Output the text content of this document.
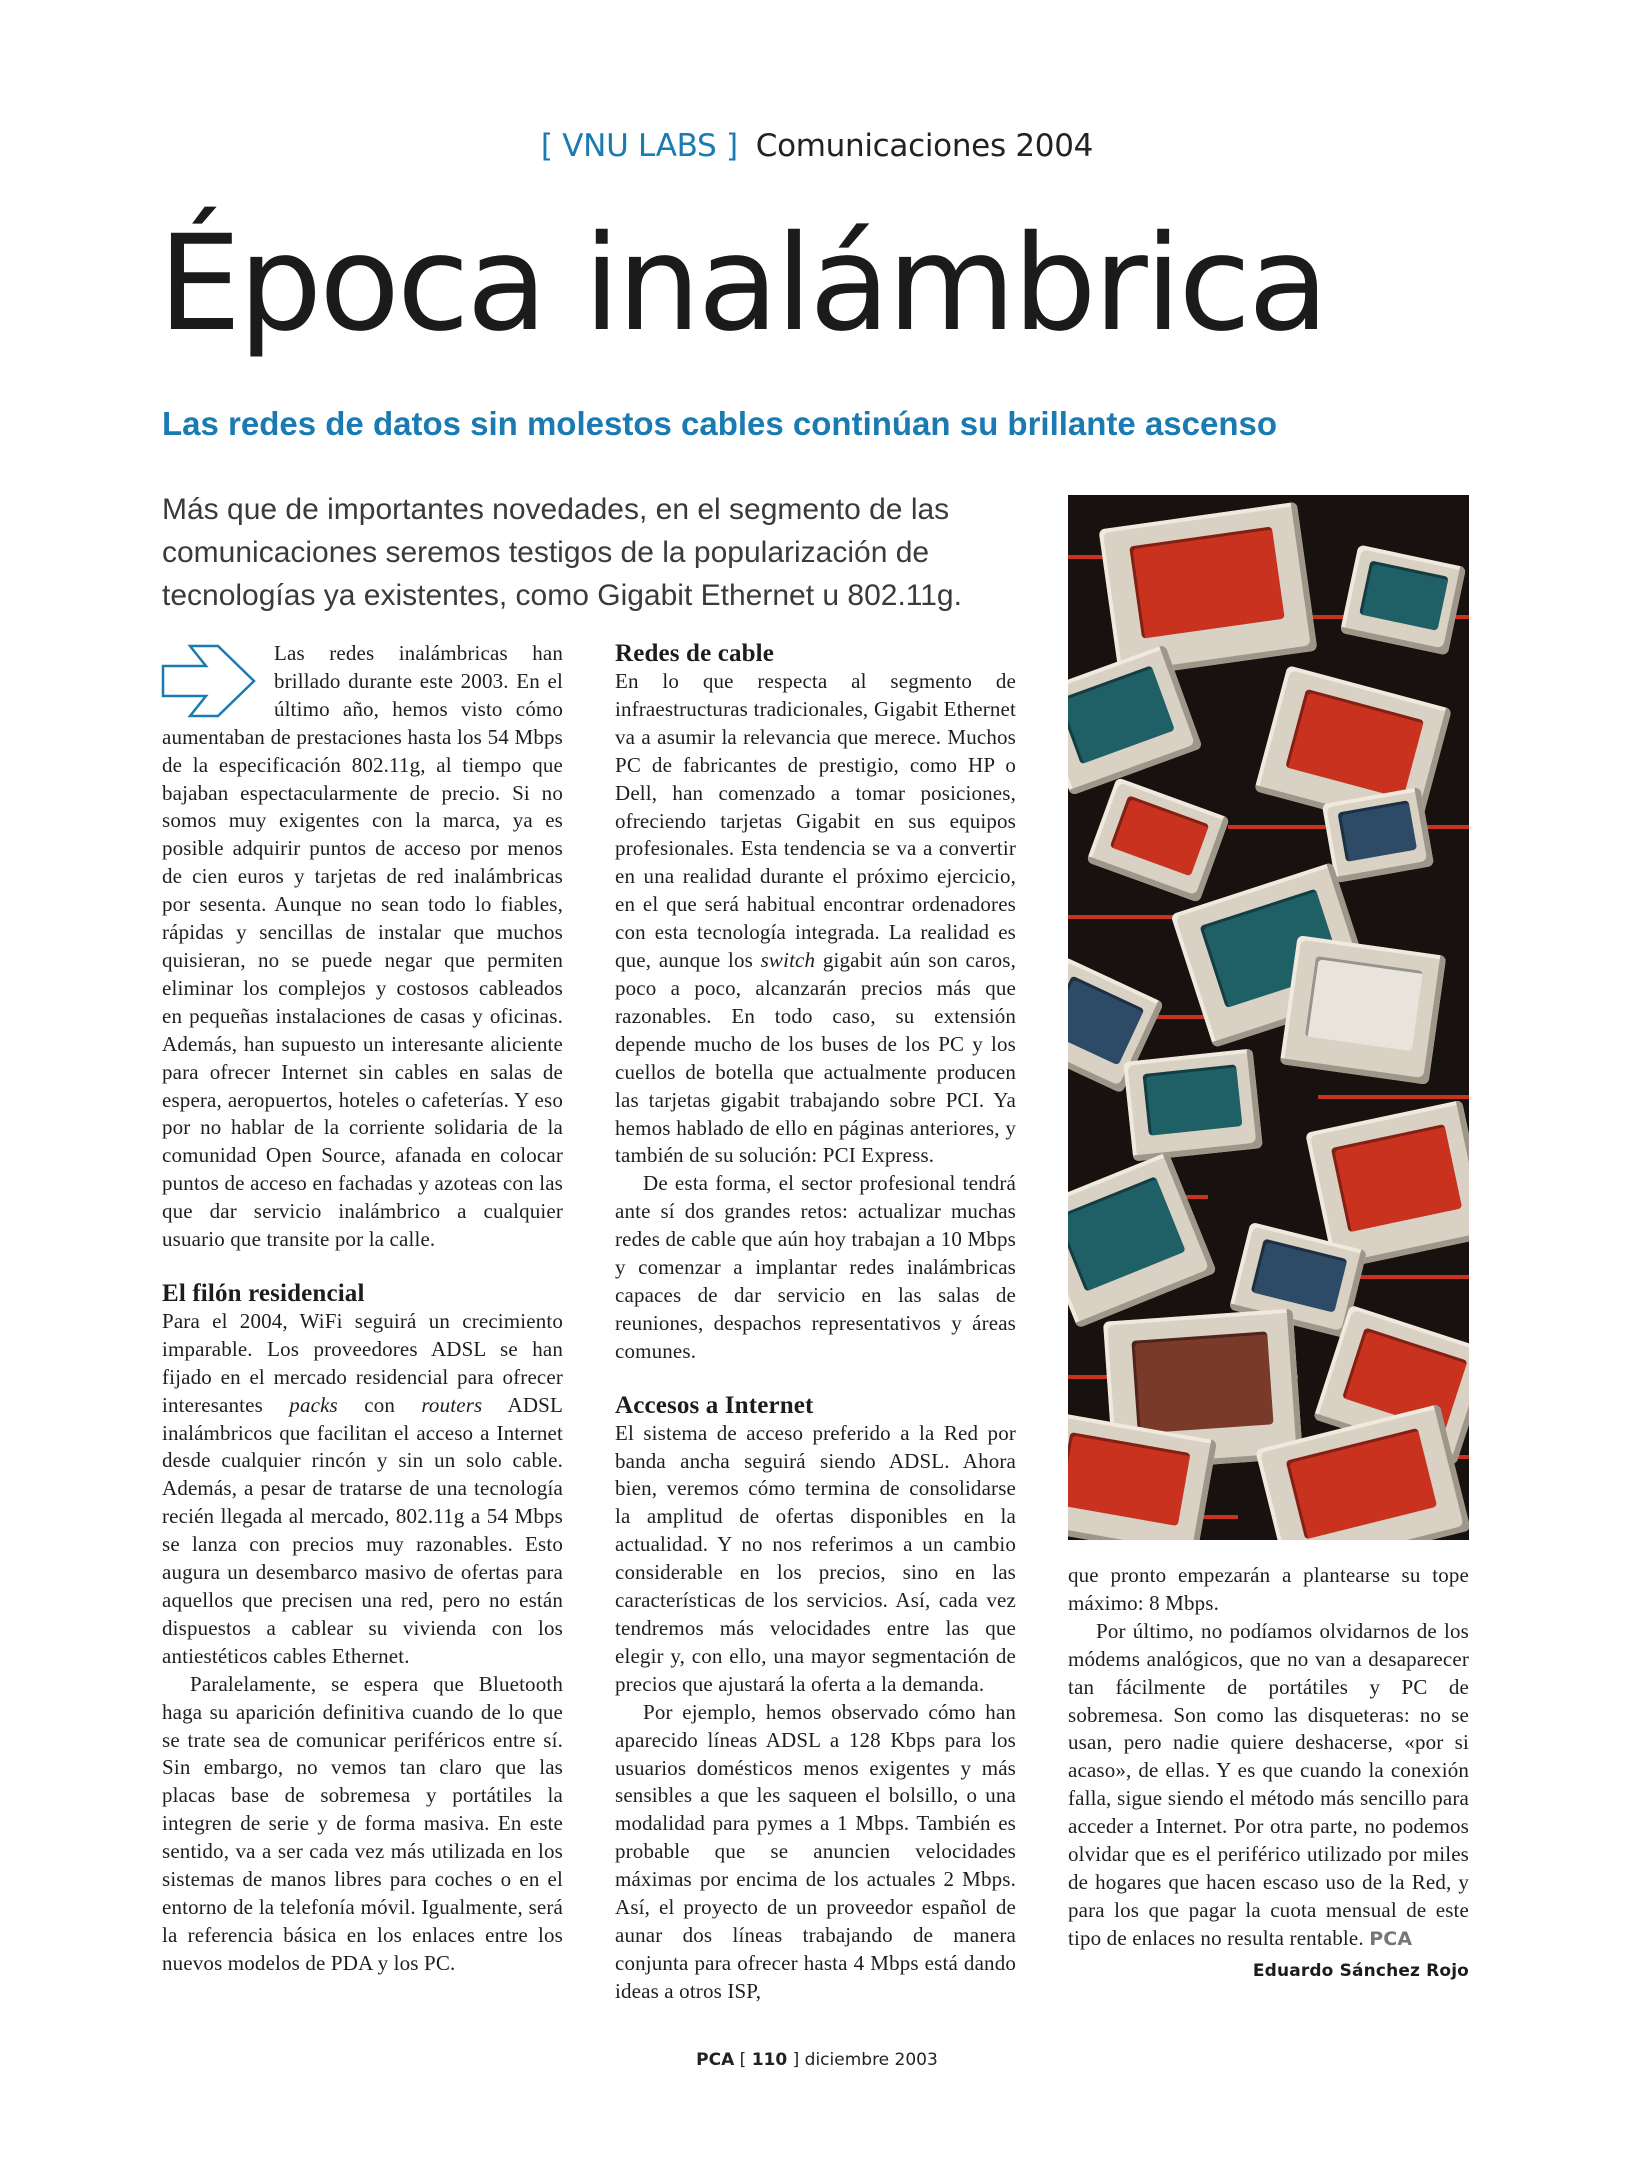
[ VNU LABS ] Comunicaciones 2004
Época inalámbrica
Las redes de datos sin molestos cables continúan su brillante ascenso

Más que de importantes novedades, en el segmento de las comunicaciones seremos testigos de la popularización de tecnologías ya existentes, como Gigabit Ethernet u 802.11g.

Las redes inalámbricas han brillado durante este 2003. En el último año, hemos visto cómo aumentaban de prestaciones hasta los 54 Mbps de la especificación 802.11g, al tiempo que bajaban espectacularmente de precio. Si no somos muy exigentes con la marca, ya es posible adquirir puntos de acceso por menos de cien euros y tarjetas de red inalámbricas por sesenta. Aunque no sean todo lo fiables, rápidas y sencillas de instalar que muchos quisieran, no se puede negar que permiten eliminar los complejos y costosos cableados en pequeñas instalaciones de casas y oficinas. Además, han supuesto un interesante aliciente para ofrecer Internet sin cables en salas de espera, aeropuertos, hoteles o cafeterías. Y eso por no hablar de la corriente solidaria de la comunidad Open Source, afanada en colocar puntos de acceso en fachadas y azoteas con las que dar servicio inalámbrico a cualquier usuario que transite por la calle.

El filón residencial

Para el 2004, WiFi seguirá un crecimiento imparable. Los proveedores ADSL se han fijado en el mercado residencial para ofrecer interesantes packs con routers ADSL inalámbricos que facilitan el acceso a Internet desde cualquier rincón y sin un solo cable. Además, a pesar de tratarse de una tecnología recién llegada al mercado, 802.11g a 54 Mbps se lanza con precios muy razonables. Esto augura un desembarco masivo de ofertas para aquellos que precisen una red, pero no están dispuestos a cablear su vivienda con los antiestéticos cables Ethernet.

Paralelamente, se espera que Bluetooth haga su aparición definitiva cuando de lo que se trate sea de comunicar periféricos entre sí. Sin embargo, no vemos tan claro que las placas base de sobremesa y portátiles la integren de serie y de forma masiva. En este sentido, va a ser cada vez más utilizada en los sistemas de manos libres para coches o en el entorno de la telefonía móvil. Igualmente, será la referencia básica en los enlaces entre los nuevos modelos de PDA y los PC.

Redes de cable

En lo que respecta al segmento de infraestructuras tradicionales, Gigabit Ethernet va a asumir la relevancia que merece. Muchos PC de fabricantes de prestigio, como HP o Dell, han comenzado a tomar posiciones, ofreciendo tarjetas Gigabit en sus equipos profesionales. Esta tendencia se va a convertir en una realidad durante el próximo ejercicio, en el que será habitual encontrar ordenadores con esta tecnología integrada. La realidad es que, aunque los switch gigabit aún son caros, poco a poco, alcanzarán precios más que razonables. En todo caso, su extensión depende mucho de los buses de los PC y los cuellos de botella que actualmente producen las tarjetas gigabit trabajando sobre PCI. Ya hemos hablado de ello en páginas anteriores, y también de su solución: PCI Express.

De esta forma, el sector profesional tendrá ante sí dos grandes retos: actualizar muchas redes de cable que aún hoy trabajan a 10 Mbps y comenzar a implantar redes inalámbricas capaces de dar servicio en las salas de reuniones, despachos representativos y áreas comunes.

Accesos a Internet

El sistema de acceso preferido a la Red por banda ancha seguirá siendo ADSL. Ahora bien, veremos cómo termina de consolidarse la amplitud de ofertas disponibles en la actualidad. Y no nos referimos a un cambio considerable en los precios, sino en las características de los servicios. Así, cada vez tendremos más velocidades entre las que elegir y, con ello, una mayor segmentación de precios que ajustará la oferta a la demanda.

Por ejemplo, hemos observado cómo han aparecido líneas ADSL a 128 Kbps para los usuarios domésticos menos exigentes y más sensibles a que les saqueen el bolsillo, o una modalidad para pymes a 1 Mbps. También es probable que se anuncien velocidades máximas por encima de los actuales 2 Mbps. Así, el proyecto de un proveedor español de aunar dos líneas trabajando de manera conjunta para ofrecer hasta 4 Mbps está dando ideas a otros ISP,

que pronto empezarán a plantearse su tope máximo: 8 Mbps.

Por último, no podíamos olvidarnos de los módems analógicos, que no van a desaparecer tan fácilmente de portátiles y PC de sobremesa. Son como las disqueteras: no se usan, pero nadie quiere deshacerse, «por si acaso», de ellas. Y es que cuando la conexión falla, sigue siendo el método más sencillo para acceder a Internet. Por otra parte, no podemos olvidar que es el periférico utilizado por miles de hogares que hacen escaso uso de la Red, y para los que pagar la cuota mensual de este tipo de enlaces no resulta rentable. PCA

Eduardo Sánchez Rojo
PCA [ 110 ] diciembre 2003
